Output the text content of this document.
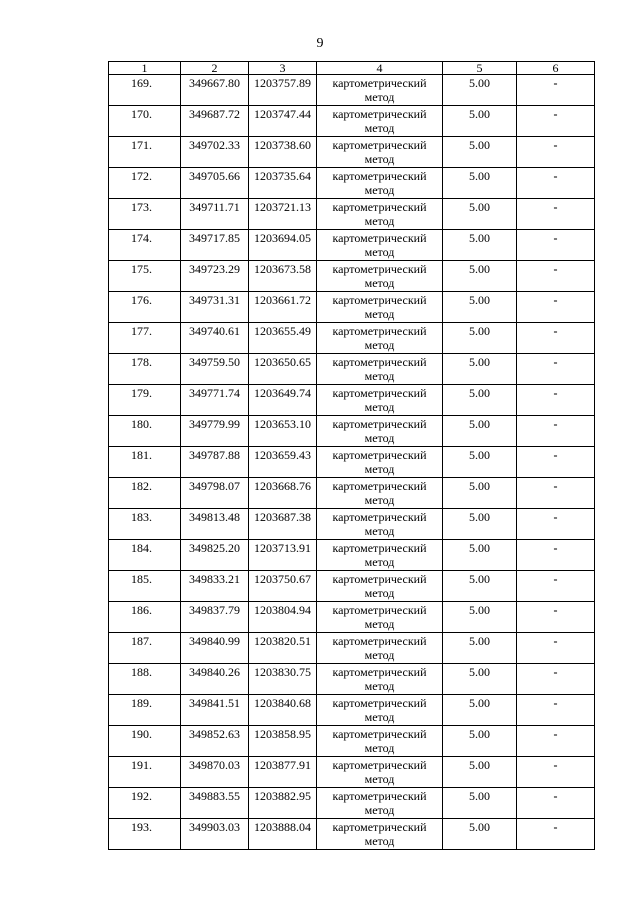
9
1	2	3	4	5	6
169.	349667.80	1203757.89	картометрический метод	5.00	-
170.	349687.72	1203747.44	картометрический метод	5.00	-
171.	349702.33	1203738.60	картометрический метод	5.00	-
172.	349705.66	1203735.64	картометрический метод	5.00	-
173.	349711.71	1203721.13	картометрический метод	5.00	-
174.	349717.85	1203694.05	картометрический метод	5.00	-
175.	349723.29	1203673.58	картометрический метод	5.00	-
176.	349731.31	1203661.72	картометрический метод	5.00	-
177.	349740.61	1203655.49	картометрический метод	5.00	-
178.	349759.50	1203650.65	картометрический метод	5.00	-
179.	349771.74	1203649.74	картометрический метод	5.00	-
180.	349779.99	1203653.10	картометрический метод	5.00	-
181.	349787.88	1203659.43	картометрический метод	5.00	-
182.	349798.07	1203668.76	картометрический метод	5.00	-
183.	349813.48	1203687.38	картометрический метод	5.00	-
184.	349825.20	1203713.91	картометрический метод	5.00	-
185.	349833.21	1203750.67	картометрический метод	5.00	-
186.	349837.79	1203804.94	картометрический метод	5.00	-
187.	349840.99	1203820.51	картометрический метод	5.00	-
188.	349840.26	1203830.75	картометрический метод	5.00	-
189.	349841.51	1203840.68	картометрический метод	5.00	-
190.	349852.63	1203858.95	картометрический метод	5.00	-
191.	349870.03	1203877.91	картометрический метод	5.00	-
192.	349883.55	1203882.95	картометрический метод	5.00	-
193.	349903.03	1203888.04	картометрический метод	5.00	-
